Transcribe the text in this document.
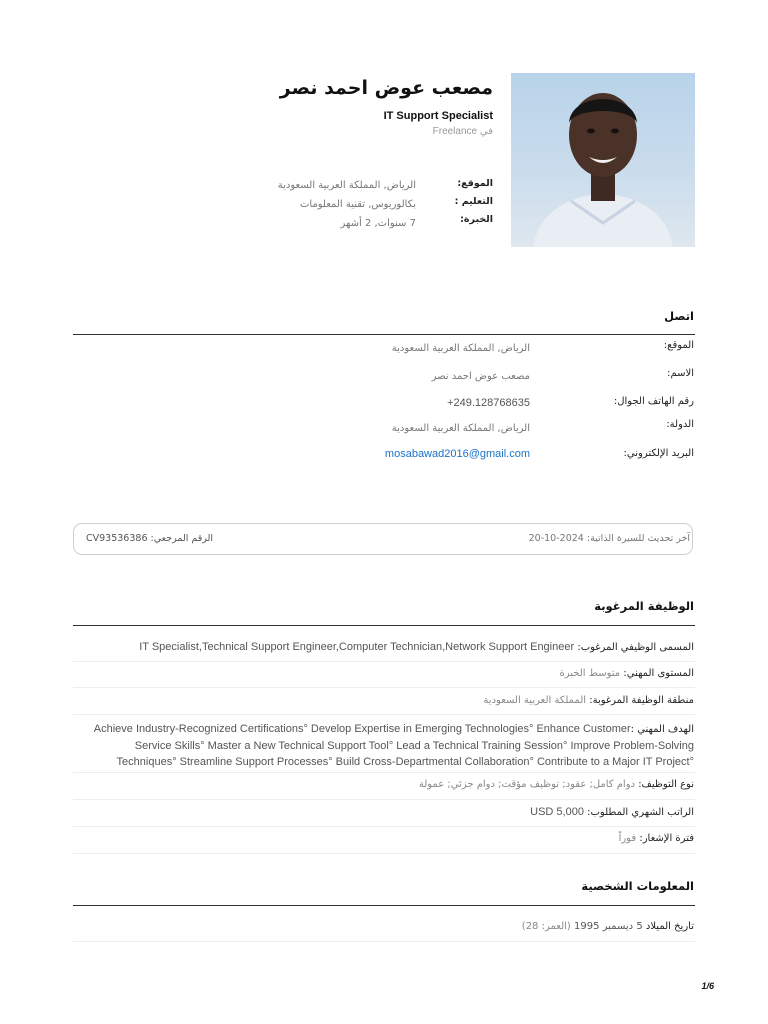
مصعب عوض احمد نصر
IT Support Specialist
في Freelance
الموقع:
الرياض, المملكة العربية السعودية
التعليم :
بكالوريوس, تقنية المعلومات
الخبرة:
7 سنوات, 2 أشهر
اتصل
الموقع:
الرياض, المملكة العربية السعودية
الاسم:
مصعب عوض احمد نصر
رقم الهاتف الجوال:
+249.128768635
الدولة:
الرياض, المملكة العربية السعودية
البريد الإلكتروني:
mosabawad2016@gmail.com
آخر تحديث للسيرة الذاتية: 2024-10-20
الرقم المرجعي: CV93536386
الوظيفة المرغوبة
المسمى الوظيفي المرغوب: IT Specialist,Technical Support Engineer,Computer Technician,Network Support Engineer
المستوى المهني: متوسط الخبرة
منطقة الوظيفة المرغوبة: المملكة العربية السعودية
الهدف المهني :Achieve Industry-Recognized Certifications° Develop Expertise in Emerging Technologies° Enhance Customer
Service Skills° Master a New Technical Support Tool° Lead a Technical Training Session° Improve Problem-Solving
°Techniques° Streamline Support Processes° Build Cross-Departmental Collaboration° Contribute to a Major IT Project
نوع التوظيف: دوام كامل; عقود; توظيف مؤقت; دوام جزئي; عمولة
الراتب الشهري المطلوب: USD 5,000
فترة الإشعار: فوراً
المعلومات الشخصية
تاريخ الميلاد 5 ديسمبر 1995 (العمر: 28)
1/6
